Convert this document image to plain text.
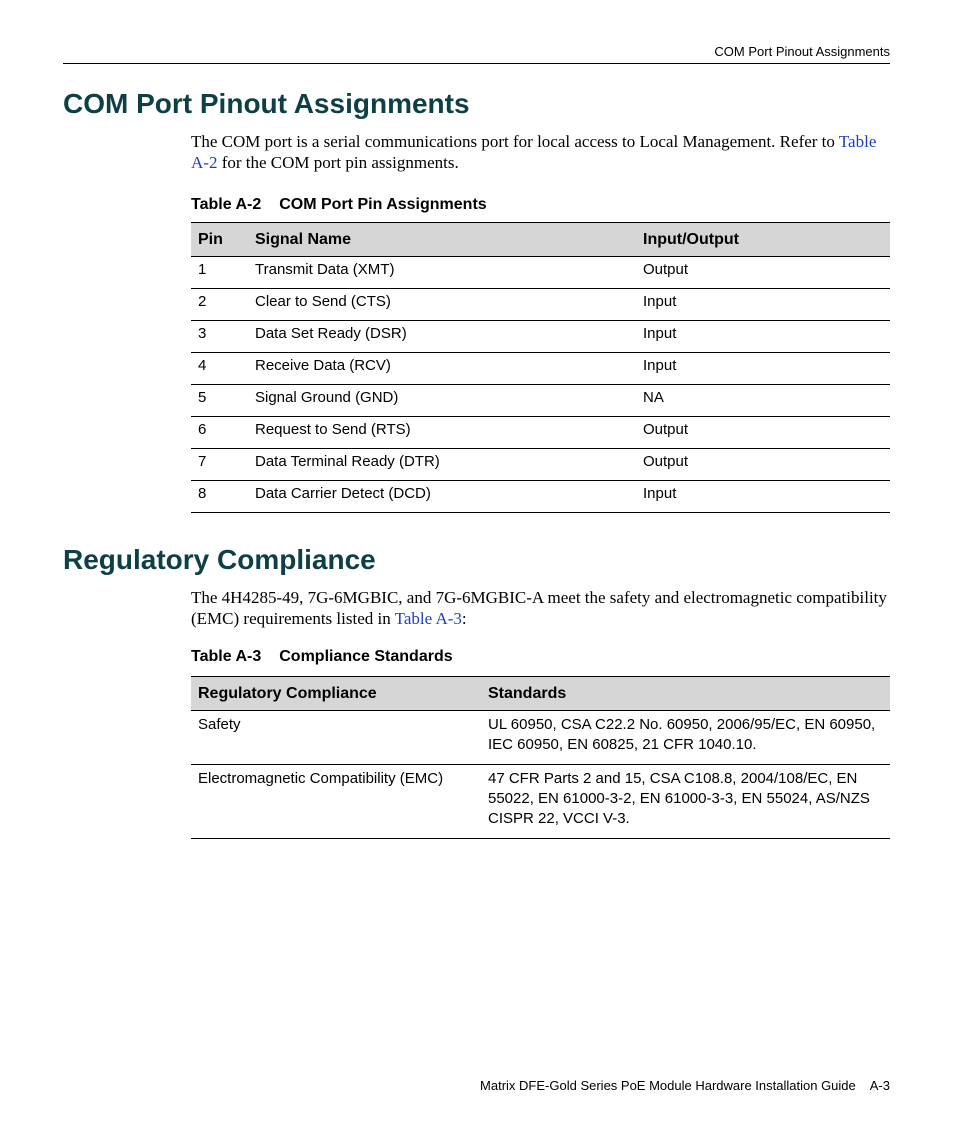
COM Port Pinout Assignments
COM Port Pinout Assignments

The COM port is a serial communications port for local access to Local Management. Refer to Table A-2 for the COM port pin assignments.

Table A-2 COM Port Pin Assignments
Pin	Signal Name	Input/Output
1	Transmit Data (XMT)	Output
2	Clear to Send (CTS)	Input
3	Data Set Ready (DSR)	Input
4	Receive Data (RCV)	Input
5	Signal Ground (GND)	NA
6	Request to Send (RTS)	Output
7	Data Terminal Ready (DTR)	Output
8	Data Carrier Detect (DCD)	Input
Regulatory Compliance

The 4H4285-49, 7G-6MGBIC, and 7G-6MGBIC-A meet the safety and electromagnetic compatibility (EMC) requirements listed in Table A-3:

Table A-3 Compliance Standards
Regulatory Compliance	Standards
Safety	UL 60950, CSA C22.2 No. 60950, 2006/95/EC, EN 60950, IEC 60950, EN 60825, 21 CFR 1040.10.
Electromagnetic Compatibility (EMC)	47 CFR Parts 2 and 15, CSA C108.8, 2004/108/EC, EN 55022, EN 61000-3-2, EN 61000-3-3, EN 55024, AS/NZS CISPR 22, VCCI V-3.
Matrix DFE-Gold Series PoE Module Hardware Installation Guide A-3
